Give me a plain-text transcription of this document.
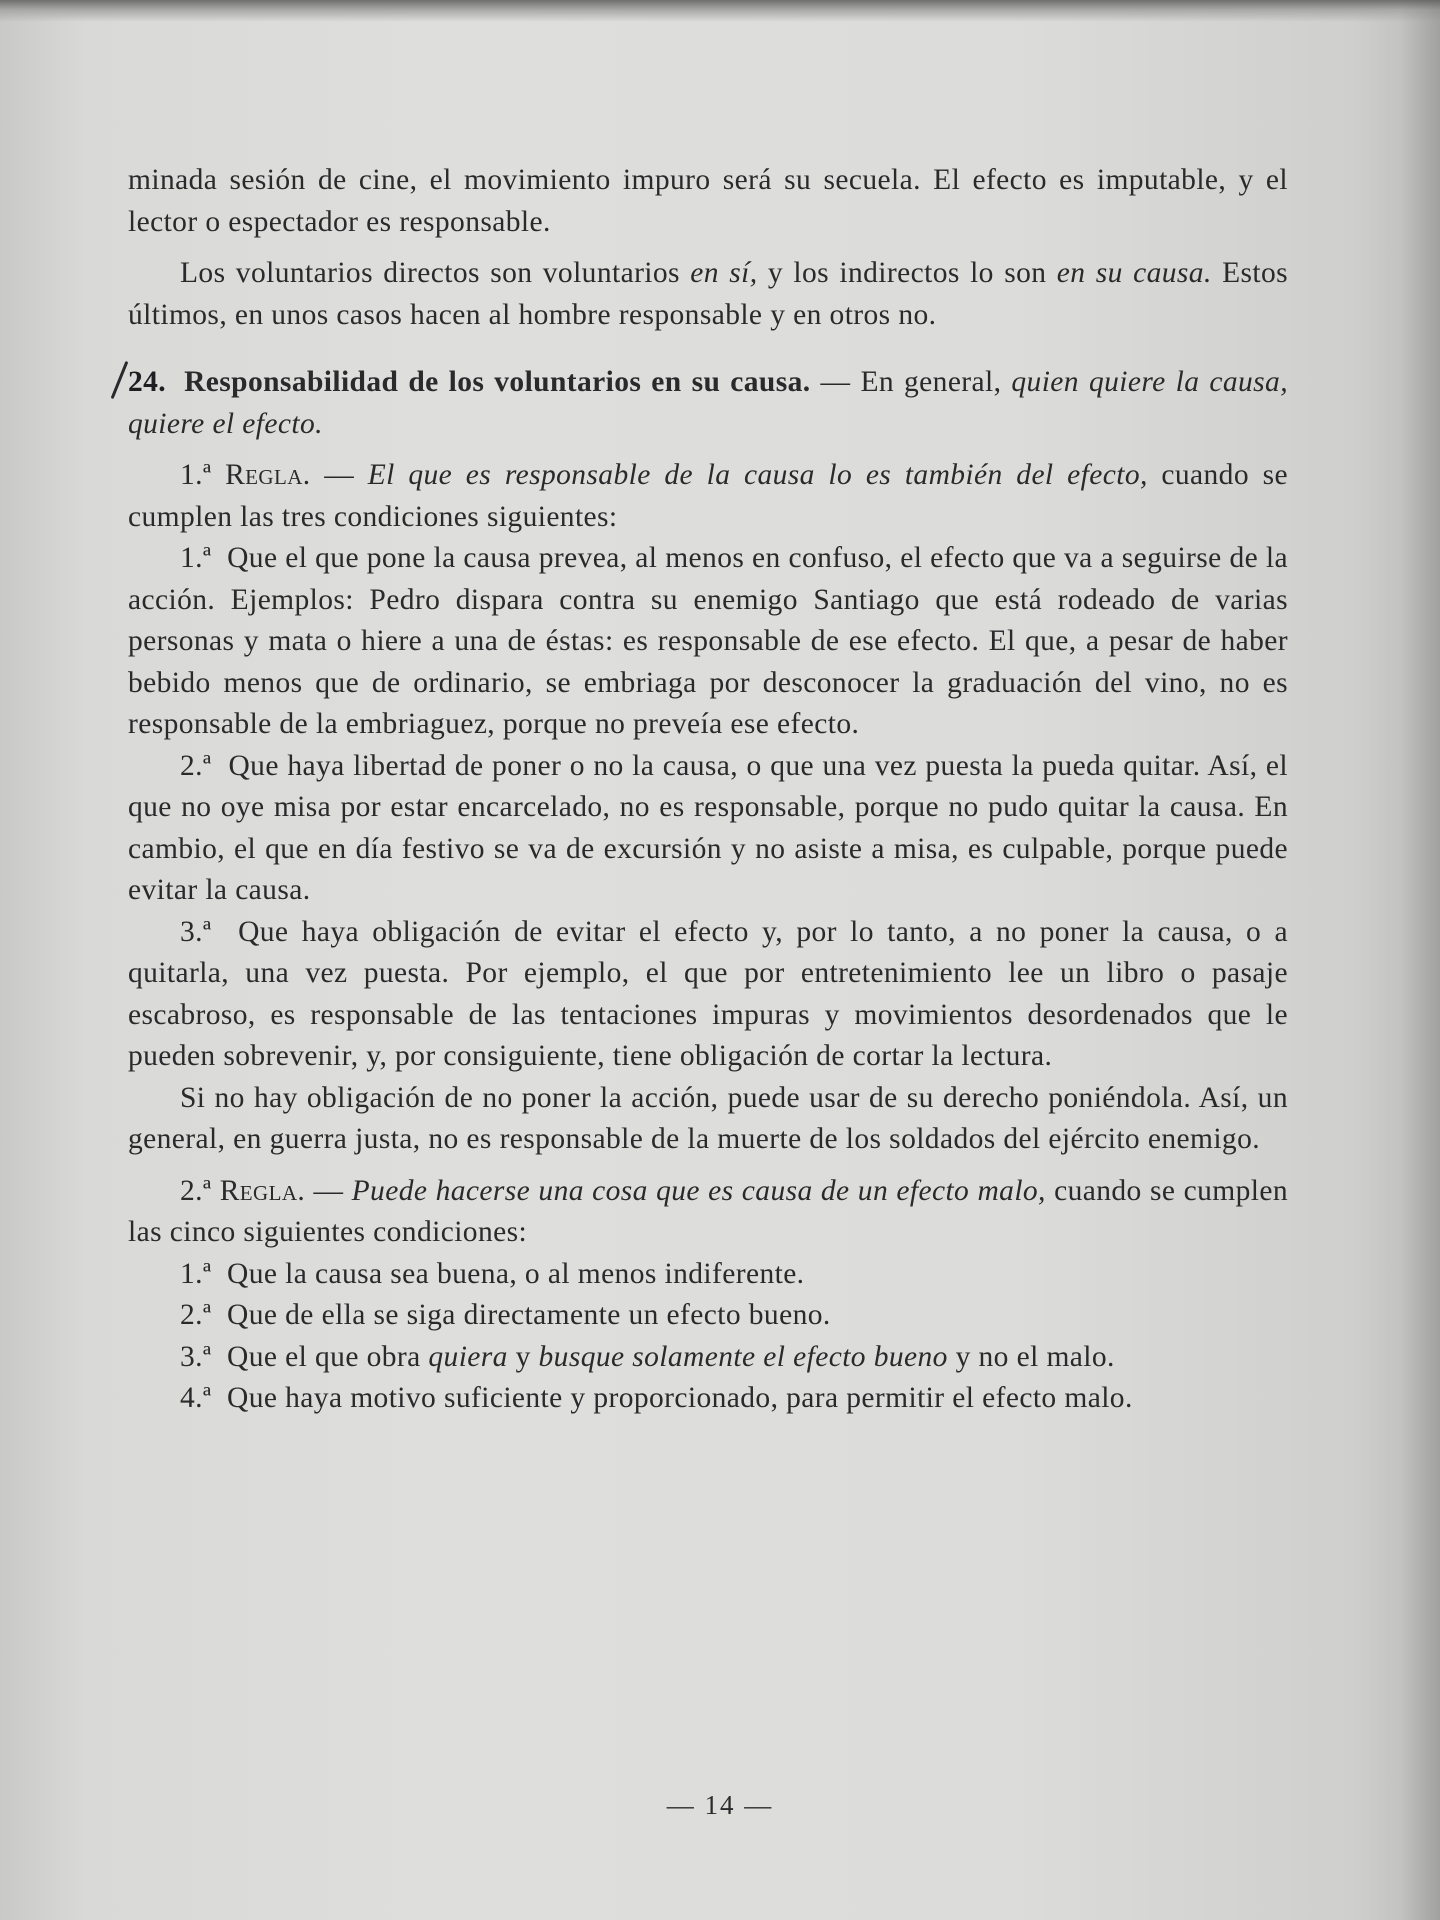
minada sesión de cine, el movimiento impuro será su secuela. El efecto es imputable, y el lector o espectador es responsable.

Los voluntarios directos son voluntarios en sí, y los indirectos lo son en su causa. Estos últimos, en unos casos hacen al hombre responsable y en otros no.

24. Responsabilidad de los voluntarios en su causa. — En general, quien quiere la causa, quiere el efecto.

1.ª Regla. — El que es responsable de la causa lo es también del efecto, cuando se cumplen las tres condiciones siguientes:

1.ª Que el que pone la causa prevea, al menos en confuso, el efecto que va a seguirse de la acción. Ejemplos: Pedro dispara contra su enemigo Santiago que está rodeado de varias personas y mata o hiere a una de éstas: es responsable de ese efecto. El que, a pesar de haber bebido menos que de ordinario, se embriaga por desconocer la graduación del vino, no es responsable de la embriaguez, porque no preveía ese efecto.

2.ª Que haya libertad de poner o no la causa, o que una vez puesta la pueda quitar. Así, el que no oye misa por estar encarcelado, no es responsable, porque no pudo quitar la causa. En cambio, el que en día festivo se va de excursión y no asiste a misa, es culpable, porque puede evitar la causa.

3.ª Que haya obligación de evitar el efecto y, por lo tanto, a no poner la causa, o a quitarla, una vez puesta. Por ejemplo, el que por entretenimiento lee un libro o pasaje escabroso, es responsable de las tentaciones impuras y movimientos desordenados que le pueden sobrevenir, y, por consiguiente, tiene obligación de cortar la lectura.

Si no hay obligación de no poner la acción, puede usar de su derecho poniéndola. Así, un general, en guerra justa, no es responsable de la muerte de los soldados del ejército enemigo.

2.ª Regla. — Puede hacerse una cosa que es causa de un efecto malo, cuando se cumplen las cinco siguientes condiciones:

1.ª Que la causa sea buena, o al menos indiferente.

2.ª Que de ella se siga directamente un efecto bueno.

3.ª Que el que obra quiera y busque solamente el efecto bueno y no el malo.

4.ª Que haya motivo suficiente y proporcionado, para permitir el efecto malo.

— 14 —
